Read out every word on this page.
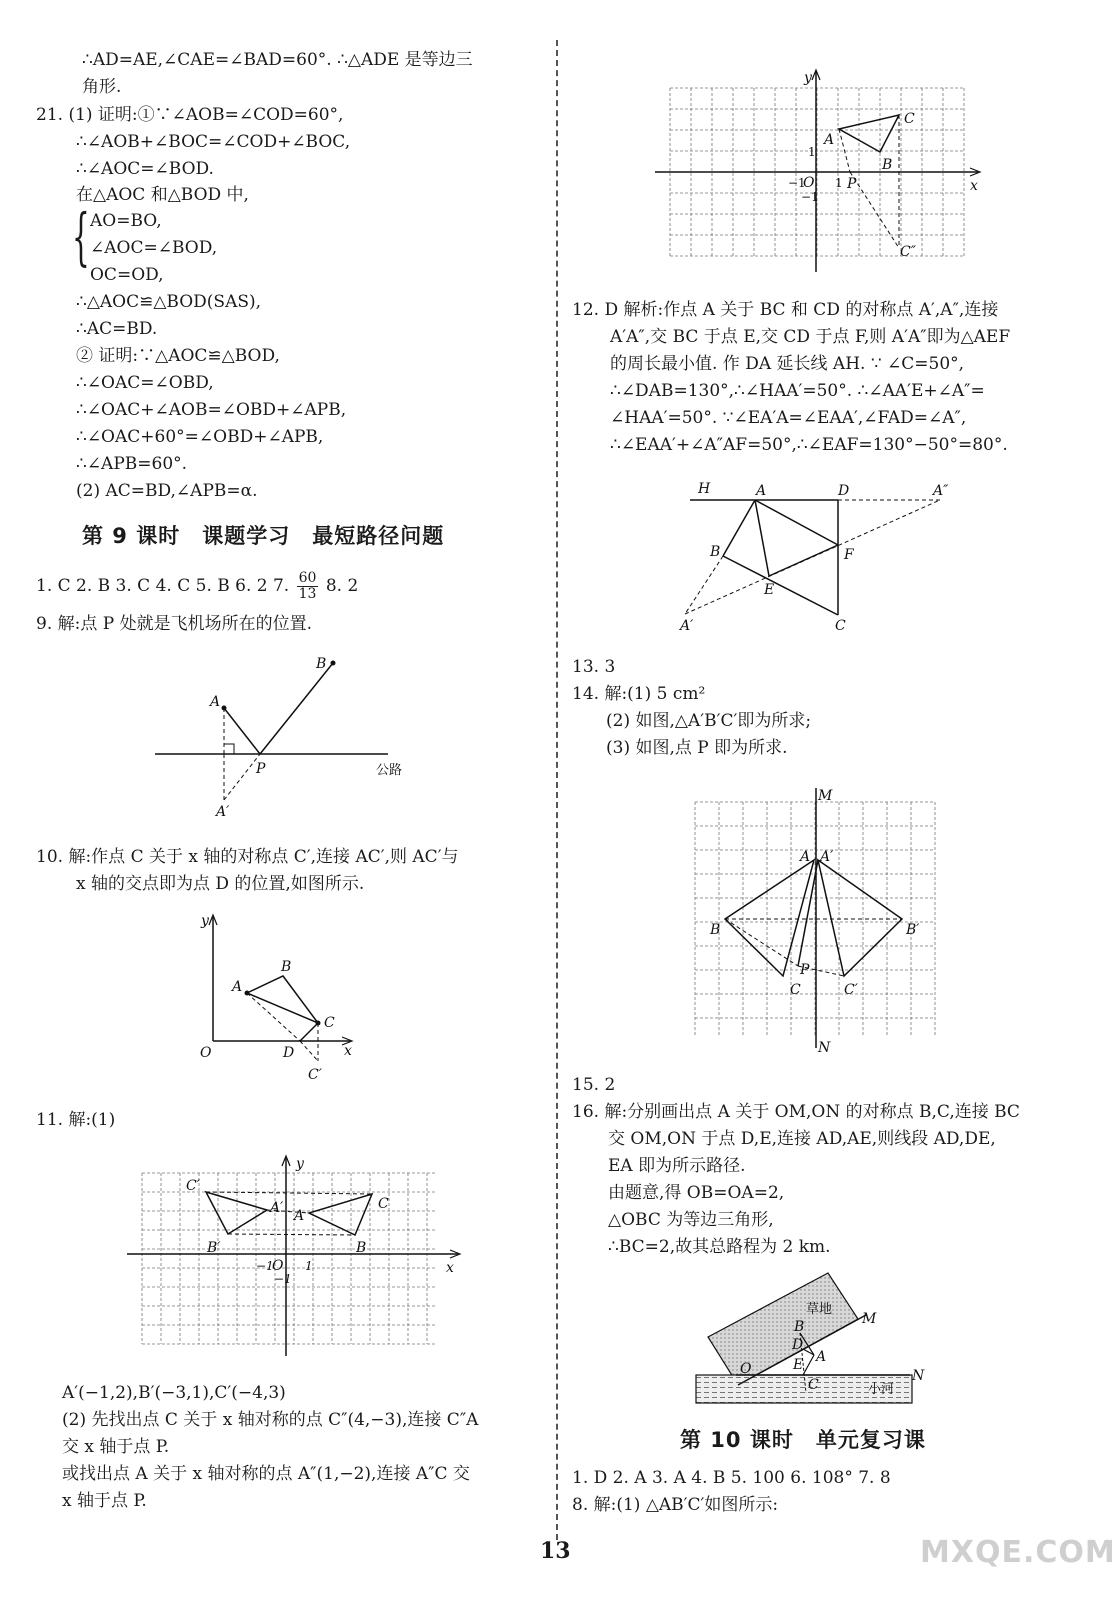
∴AD=AE,∠CAE=∠BAD=60°. ∴△ADE 是等边三
角形.
21. (1) 证明:①∵∠AOB=∠COD=60°,
∴∠AOB+∠BOC=∠COD+∠BOC,
∴∠AOC=∠BOD.
在△AOC 和△BOD 中,
{ AO=BO,
∠AOC=∠BOD,
OC=OD,
∴△AOC≌△BOD(SAS),
∴AC=BD.
② 证明:∵△AOC≌△BOD,
∴∠OAC=∠OBD,
∴∠OAC+∠AOB=∠OBD+∠APB,
∴∠OAC+60°=∠OBD+∠APB,
∴∠APB=60°.
(2) AC=BD,∠APB=α.
第 9 课时　课题学习　最短路径问题
1. C 2. B 3. C 4. C 5. B 6. 2 7. $\frac{60}{13} 8$. 2
9. 解:点 P 处就是飞机场所在的位置.
A
B
P
A′
公路
10. 解:作点 C 关于 x 轴的对称点 C′,连接 AC′,则 AC′与
x 轴的交点即为点 D 的位置,如图所示.
y
x
O
A
B
C
D
C′
11. 解:(1)
y
x
O
−1	1
−1
A
B
C
A′
B′
C′
A′(−1,2),B′(−3,1),C′(−4,3)
(2) 先找出点 C 关于 x 轴对称的点 C″(4,−3),连接 C″A
交 x 轴于点 P.
或找出点 A 关于 x 轴对称的点 A″(1,−2),连接 A″C 交
x 轴于点 P.
y
x
A
B
C
C″
P
1
−1
O
−1
1
12. D 解析:作点 A 关于 BC 和 CD 的对称点 A′,A″,连接
A′A″,交 BC 于点 E,交 CD 于点 F,则 A′A″即为△AEF
的周长最小值. 作 DA 延长线 AH. ∵ ∠C=50°,
∴∠DAB=130°,∴∠HAA′=50°. ∴∠AA′E+∠A″=
∠HAA′=50°. ∵∠EA′A=∠EAA′,∠FAD=∠A″,
∴∠EAA′+∠A″AF=50°,∴∠EAF=130°−50°=80°.
H	A	D	A″
B	F
E
A′	C
13. 3
14. 解:(1) 5 cm²
(2) 如图,△A′B′C′即为所求;
(3) 如图,点 P 即为所求.
M
N
A A′
B	B′
C	C′
P
15. 2
16. 解:分别画出点 A 关于 OM,ON 的对称点 B,C,连接 BC
交 OM,ON 于点 D,E,连接 AD,AE,则线段 AD,DE,
EA 即为所示路径.
由题意,得 OB=OA=2,
△OBC 为等边三角形,
∴BC=2,故其总路程为 2 km.
草地
小河
M
N
O
A
B
C
D
E
第 10 课时　单元复习课
1. D 2. A 3. A 4. B 5. 100 6. 108° 7. 8
8. 解:(1) △AB′C′如图所示:
13	MXQE.COM
